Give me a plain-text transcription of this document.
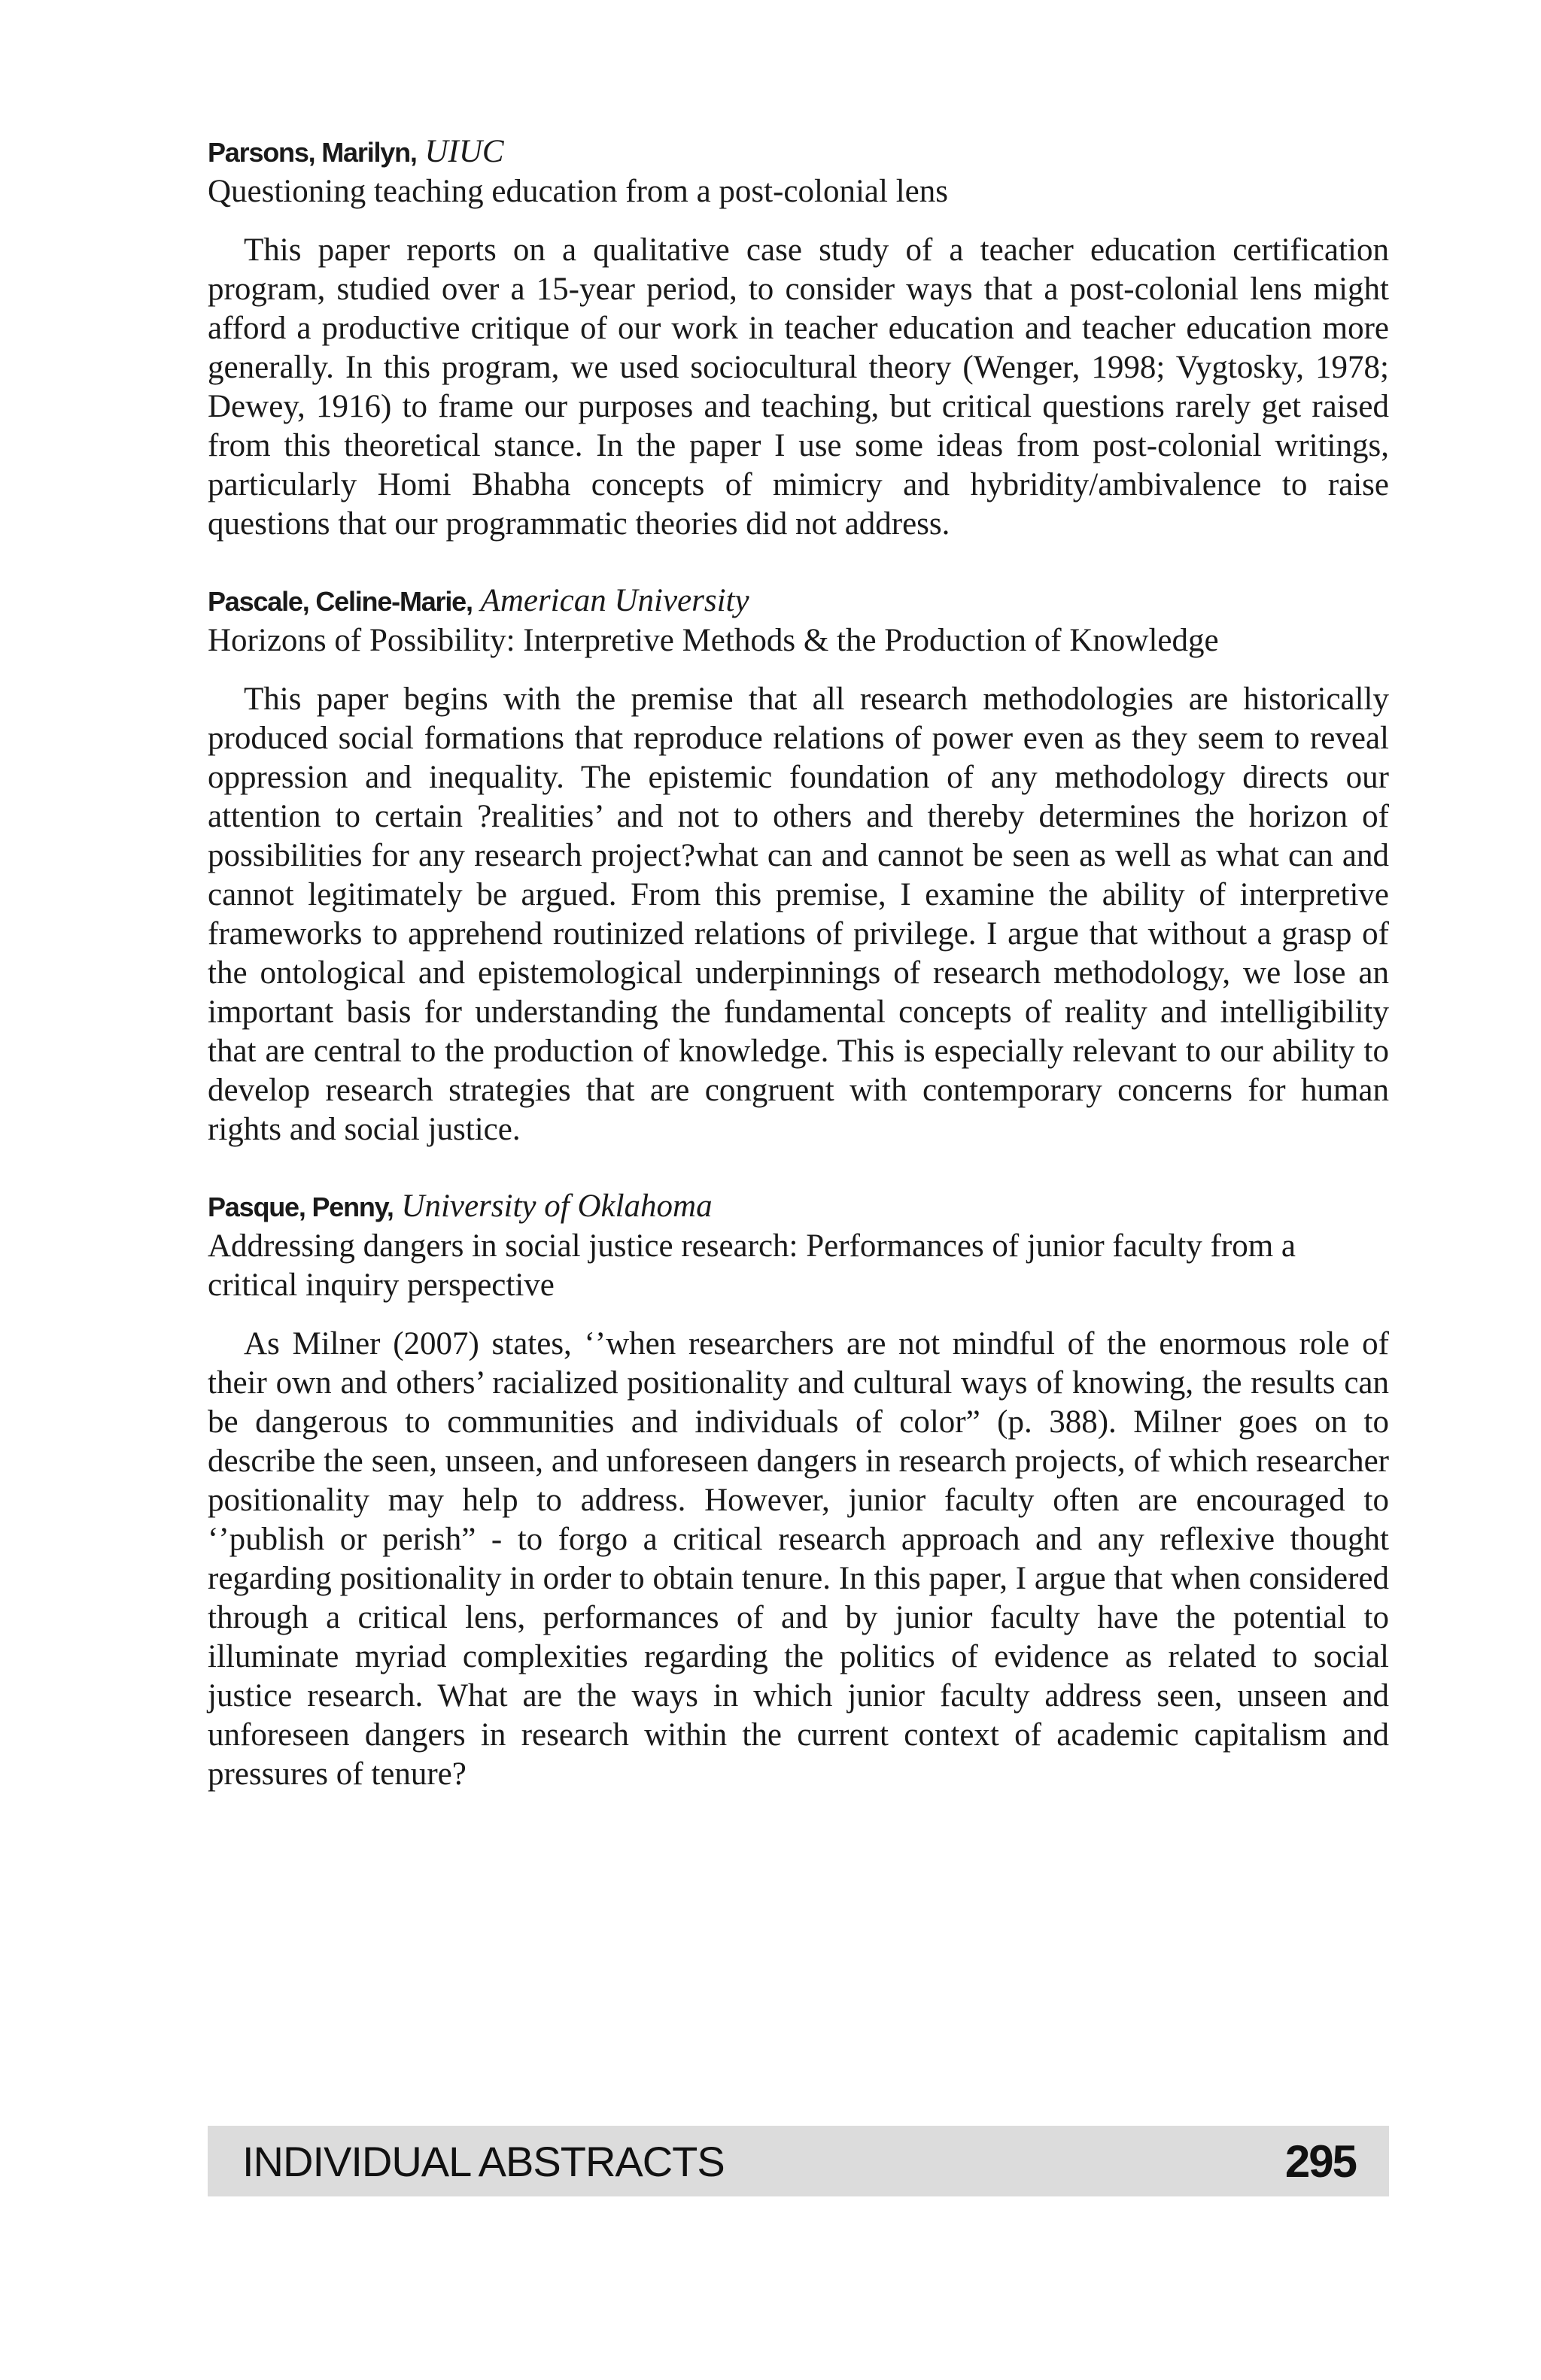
Parsons, Marilyn, UIUC

Questioning teaching education from a post-colonial lens

This paper reports on a qualitative case study of a teacher education certification program, studied over a 15-year period, to consider ways that a post-colonial lens might afford a productive critique of our work in teacher education and teacher education more generally. In this program, we used sociocultural theory (Wenger, 1998; Vygtosky, 1978; Dewey, 1916) to frame our purposes and teaching, but critical questions rarely get raised from this theoretical stance. In the paper I use some ideas from post-colonial writings, particularly Homi Bhabha concepts of mimicry and hybridity/ambivalence to raise questions that our programmatic theories did not address.

Pascale, Celine-Marie, American University

Horizons of Possibility: Interpretive Methods & the Production of Knowledge

This paper begins with the premise that all research methodologies are historically produced social formations that reproduce relations of power even as they seem to reveal oppression and inequality. The epistemic foundation of any methodology directs our attention to certain ?realities’ and not to others and thereby determines the horizon of possibilities for any research project?what can and cannot be seen as well as what can and cannot legitimately be argued. From this premise, I examine the ability of interpretive frameworks to apprehend routinized relations of privilege. I argue that without a grasp of the ontological and epistemological underpinnings of research methodology, we lose an important basis for understanding the fundamental concepts of reality and intelligibility that are central to the production of knowledge. This is especially relevant to our ability to develop research strategies that are congruent with contemporary concerns for human rights and social justice.

Pasque, Penny, University of Oklahoma

Addressing dangers in social justice research: Performances of junior faculty from a critical inquiry perspective

As Milner (2007) states, ‘’when researchers are not mindful of the enormous role of their own and others’ racialized positionality and cultural ways of knowing, the results can be dangerous to communities and individuals of color” (p. 388). Milner goes on to describe the seen, unseen, and unforeseen dangers in research projects, of which researcher positionality may help to address. However, junior faculty often are encouraged to ‘’publish or perish” - to forgo a critical research approach and any reflexive thought regarding positionality in order to obtain tenure. In this paper, I argue that when considered through a critical lens, performances of and by junior faculty have the potential to illuminate myriad complexities regarding the politics of evidence as related to social justice research. What are the ways in which junior faculty address seen, unseen and unforeseen dangers in research within the current context of academic capitalism and pressures of tenure?

INDIVIDUAL ABSTRACTS	295
